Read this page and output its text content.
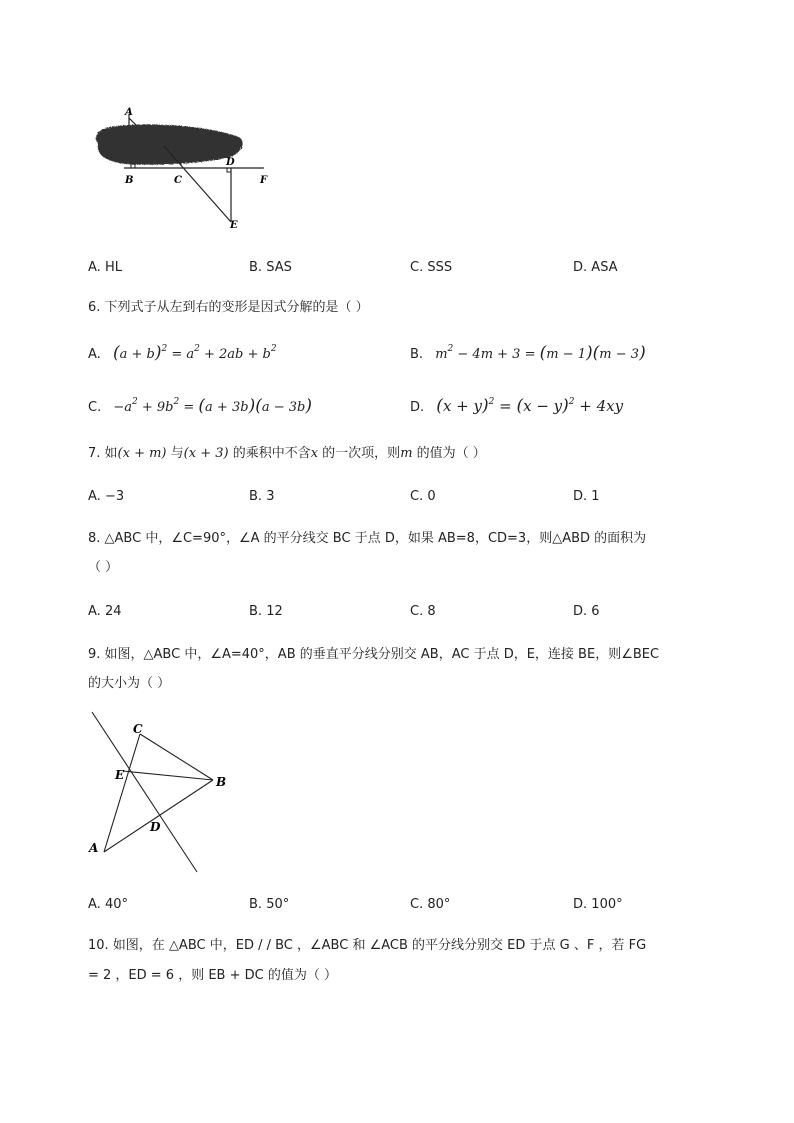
A
B	C
D
E
F
A. HL	B. SAS	C. SSS	D. ASA
6. 下列式子从左到右的变形是因式分解的是（ ）
A. $(a + b)^2 = a^2 + 2ab + b^2$	B. $m^2 - 4m + 3 = (m - 1)(m - 3)$
C. $-a^2 + 9b^2 = (a + 3b)(a - 3b)$	D. $(x + y)^2 = (x - y)^2 + 4xy$
7. 如(x + m) 与(x + 3) 的乘积中不含x 的一次项，则m 的值为（ ）
A. −3	B. 3	C. 0	D. 1
8. △ABC 中，∠C=90°，∠A 的平分线交 BC 于点 D，如果 AB=8，CD=3，则△ABD 的面积为
（ ）
A. 24	B. 12	C. 8	D. 6
9. 如图，△ABC 中，∠A=40°，AB 的垂直平分线分别交 AB，AC 于点 D，E，连接 BE，则∠BEC
的大小为（ ）
C
E	B
D
A
A. 40°	B. 50°	C. 80°	D. 100°
10. 如图，在 △ABC 中，ED / / BC ，∠ABC 和 ∠ACB 的平分线分别交 ED 于点 G 、F ，若 FG
= 2 ，ED = 6 ，则 EB + DC 的值为（ ）
